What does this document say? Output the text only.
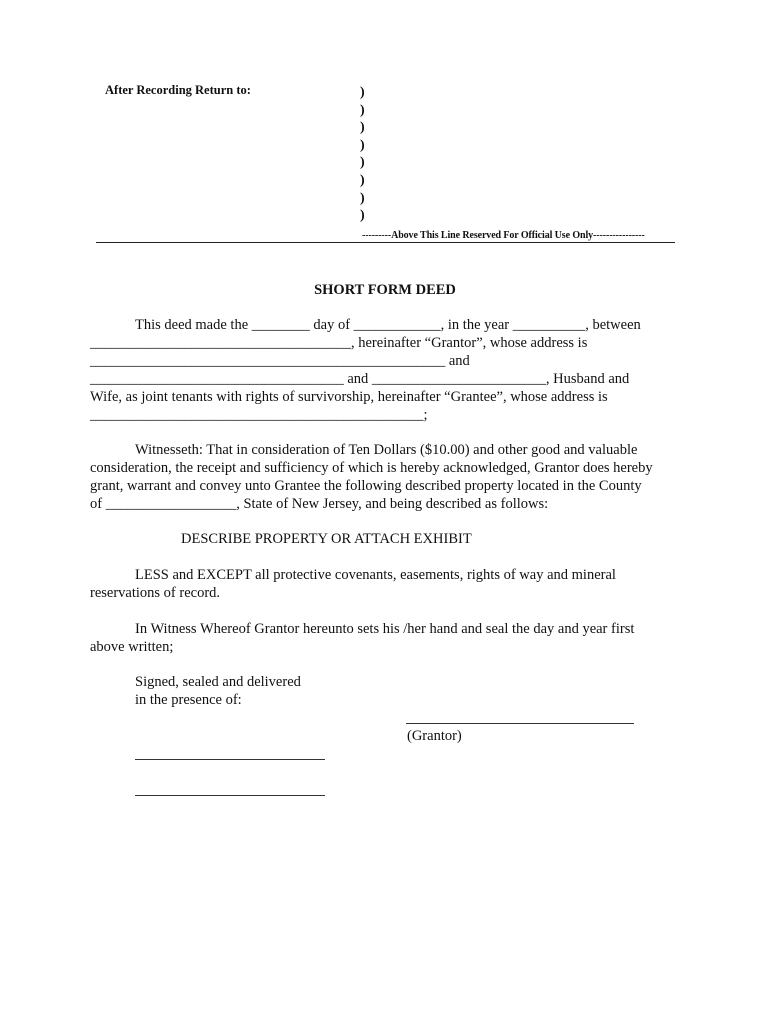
After Recording Return to:	)
)
)
)
)
)
)
)
---------Above This Line Reserved For Official Use Only----------------
SHORT FORM DEED
This deed made the ________ day of ____________, in the year __________, between
____________________________________, hereinafter “Grantor”, whose address is
_________________________________________________ and
___________________________________ and ________________________, Husband and
Wife, as joint tenants with rights of survivorship, hereinafter “Grantee”, whose address is
______________________________________________;
Witnesseth: That in consideration of Ten Dollars ($10.00) and other good and valuable
consideration, the receipt and sufficiency of which is hereby acknowledged, Grantor does hereby
grant, warrant and convey unto Grantee the following described property located in the County
of __________________, State of New Jersey, and being described as follows:
DESCRIBE PROPERTY OR ATTACH EXHIBIT
LESS and EXCEPT all protective covenants, easements, rights of way and mineral
reservations of record.
In Witness Whereof Grantor hereunto sets his /her hand and seal the day and year first
above written;
Signed, sealed and delivered
in the presence of:
(Grantor)
